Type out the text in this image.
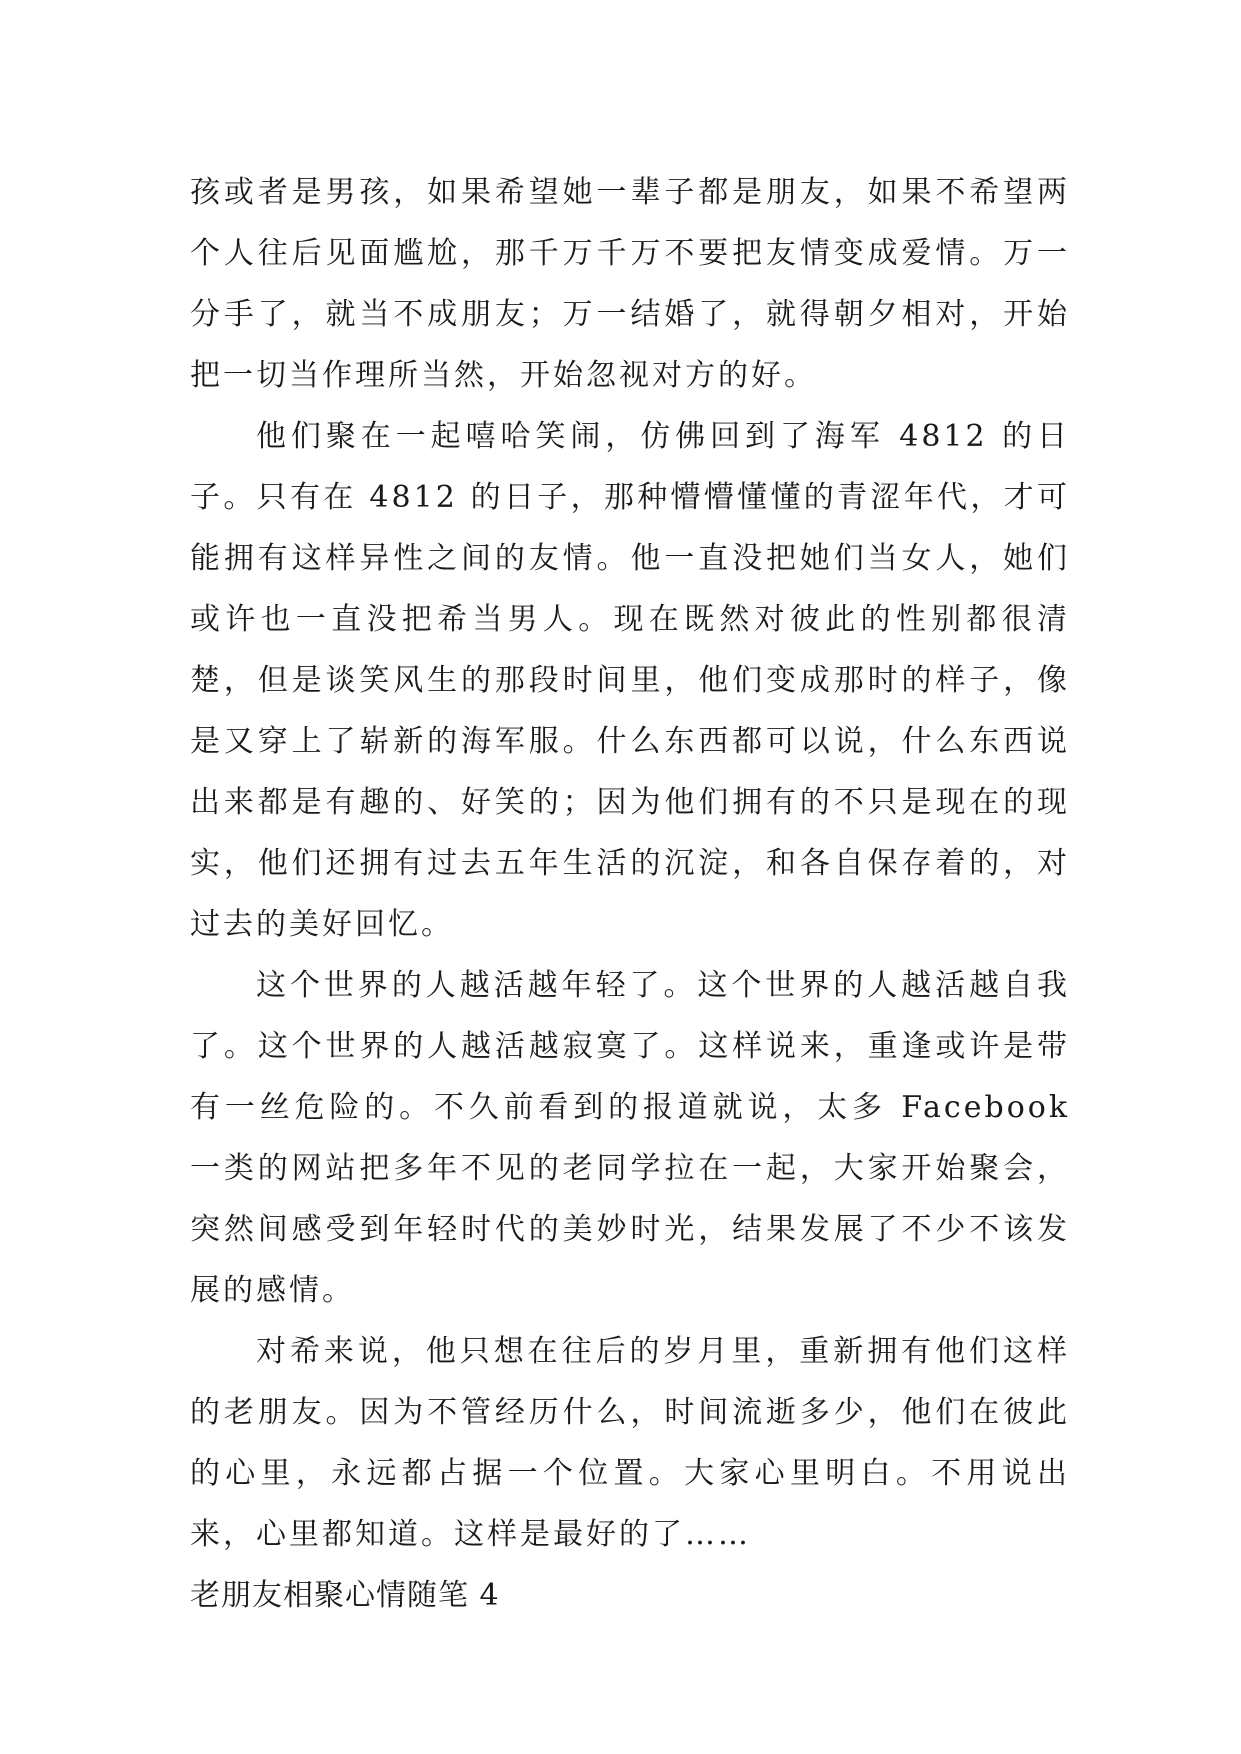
孩或者是男孩，如果希望她一辈子都是朋友，如果不希望两个人往后见面尴尬，那千万千万不要把友情变成爱情。万一分手了，就当不成朋友；万一结婚了，就得朝夕相对，开始把一切当作理所当然，开始忽视对方的好。

他们聚在一起嘻哈笑闹，仿佛回到了海军 4812 的日子。只有在 4812 的日子，那种懵懵懂懂的青涩年代，才可能拥有这样异性之间的友情。他一直没把她们当女人，她们或许也一直没把希当男人。现在既然对彼此的性别都很清楚，但是谈笑风生的那段时间里，他们变成那时的样子，像是又穿上了崭新的海军服。什么东西都可以说，什么东西说出来都是有趣的、好笑的；因为他们拥有的不只是现在的现实，他们还拥有过去五年生活的沉淀，和各自保存着的，对过去的美好回忆。

这个世界的人越活越年轻了。这个世界的人越活越自我了。这个世界的人越活越寂寞了。这样说来，重逢或许是带有一丝危险的。不久前看到的报道就说，太多 Facebook 一类的网站把多年不见的老同学拉在一起，大家开始聚会，突然间感受到年轻时代的美妙时光，结果发展了不少不该发展的感情。

对希来说，他只想在往后的岁月里，重新拥有他们这样的老朋友。因为不管经历什么，时间流逝多少，他们在彼此的心里，永远都占据一个位置。大家心里明白。不用说出来，心里都知道。这样是最好的了……

老朋友相聚心情随笔 4
